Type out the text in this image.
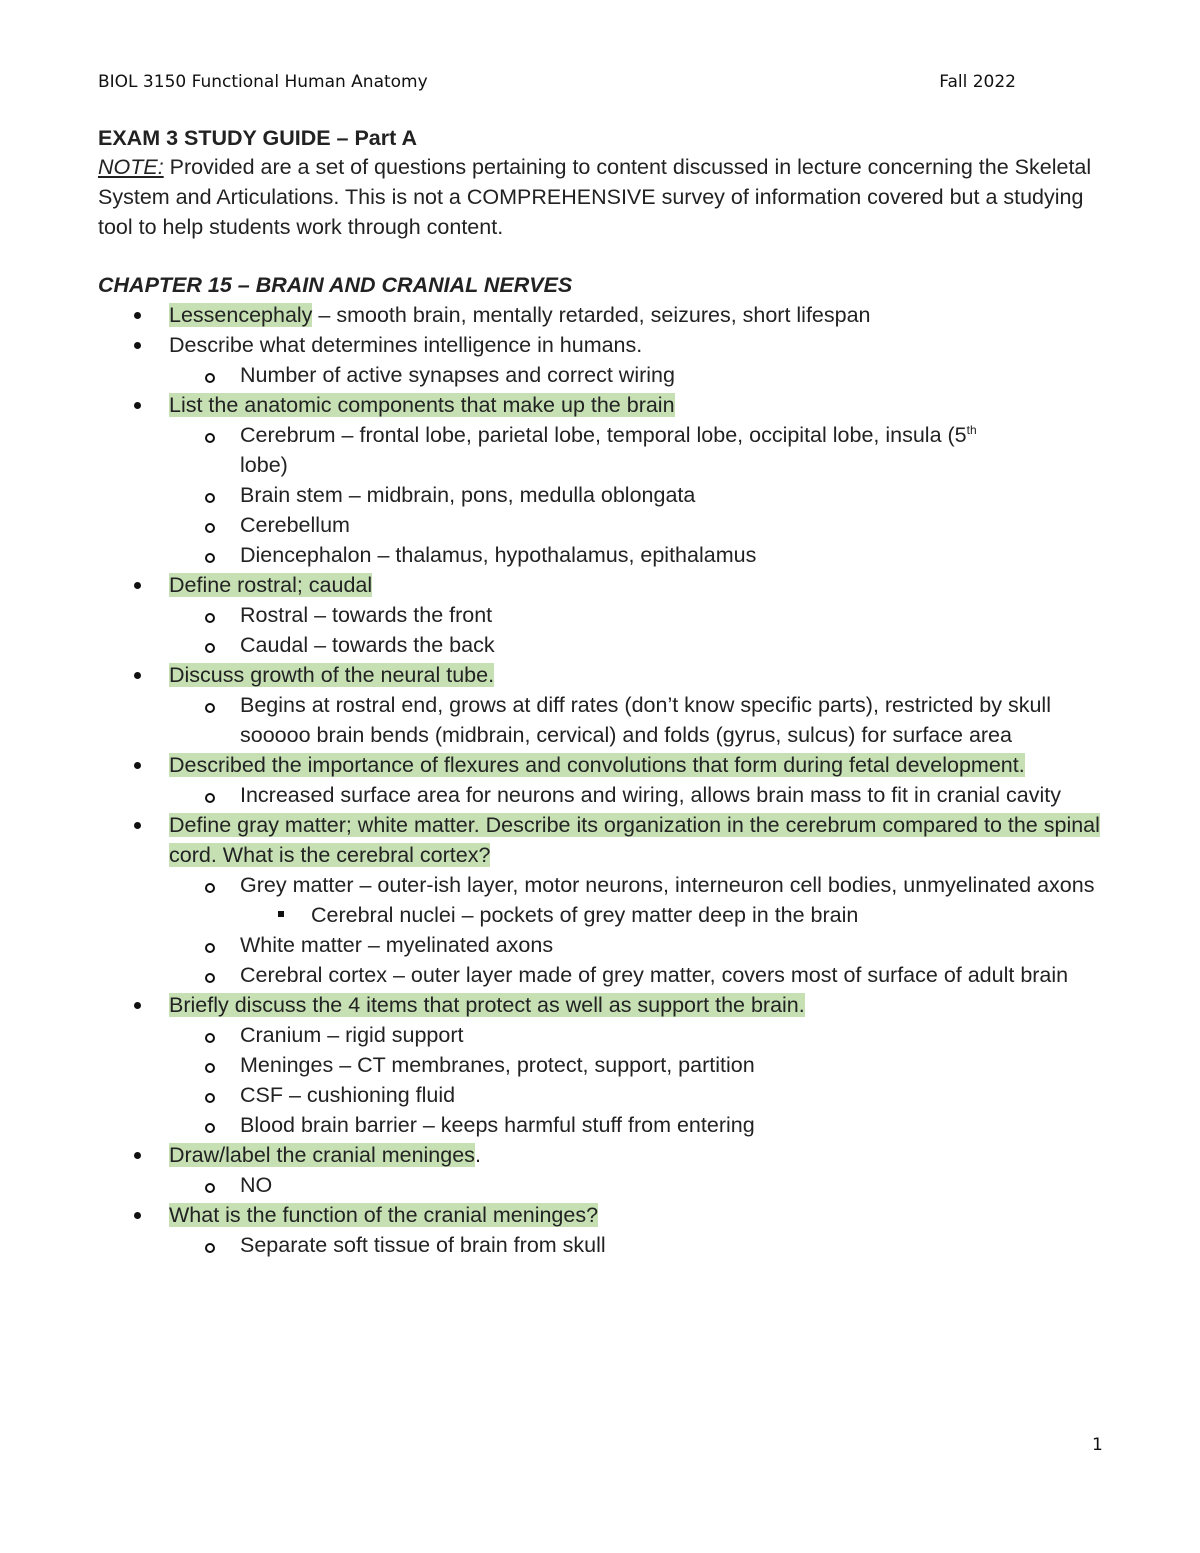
BIOL 3150 Functional Human Anatomy	Fall 2022
EXAM 3 STUDY GUIDE – Part A
NOTE: Provided are a set of questions pertaining to content discussed in lecture concerning the Skeletal System and Articulations. This is not a COMPREHENSIVE survey of information covered but a studying tool to help students work through content.
CHAPTER 15 – BRAIN AND CRANIAL NERVES
Lessencephaly – smooth brain, mentally retarded, seizures, short lifespan
Describe what determines intelligence in humans.
Number of active synapses and correct wiring
List the anatomic components that make up the brain
Cerebrum – frontal lobe, parietal lobe, temporal lobe, occipital lobe, insula (5th
lobe)
Brain stem – midbrain, pons, medulla oblongata
Cerebellum
Diencephalon – thalamus, hypothalamus, epithalamus
Define rostral; caudal
Rostral – towards the front
Caudal – towards the back
Discuss growth of the neural tube.
Begins at rostral end, grows at diff rates (don’t know specific parts), restricted by skull sooooo brain bends (midbrain, cervical) and folds (gyrus, sulcus) for surface area
Described the importance of flexures and convolutions that form during fetal development.
Increased surface area for neurons and wiring, allows brain mass to fit in cranial cavity
Define gray matter; white matter. Describe its organization in the cerebrum compared to the spinal cord. What is the cerebral cortex?
Grey matter – outer-ish layer, motor neurons, interneuron cell bodies, unmyelinated axons
Cerebral nuclei – pockets of grey matter deep in the brain
White matter – myelinated axons
Cerebral cortex – outer layer made of grey matter, covers most of surface of adult brain
Briefly discuss the 4 items that protect as well as support the brain.
Cranium – rigid support
Meninges – CT membranes, protect, support, partition
CSF – cushioning fluid
Blood brain barrier – keeps harmful stuff from entering
Draw/label the cranial meninges.
NO
What is the function of the cranial meninges?
Separate soft tissue of brain from skull
1
